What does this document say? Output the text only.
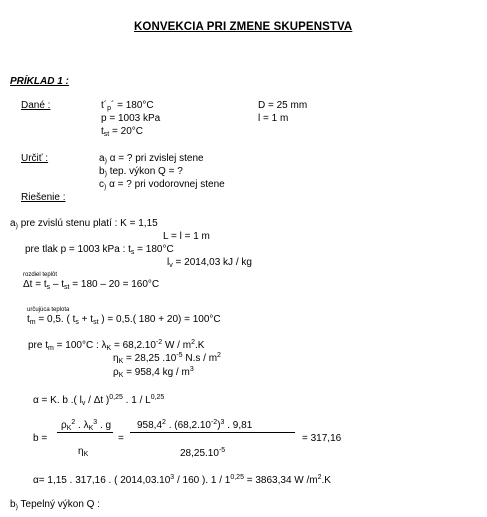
KONVEKCIA PRI ZMENE SKUPENSTVA
PRÍKLAD 1 :
Dané :	$t´_p´ = 180^\circ C$
p = 1003 kPa
$t_{st} = 20^\circ C$
D = 25 mm
l = 1 m
Určiť :	$a_)$ α = ? pri zvislej stene
$b_)$ tep. výkon Q = ?
$c_)$ α = ? pri vodorovnej stene
Riešenie :
$a_)$ pre zvislú stenu platí : K = 1,15
L = l = 1 m
pre tlak p = 1003 kPa : $t_s = 180^\circ C$
$l_v = 2014,03$ kJ / kg
rozdiel teplôt
$\Delta t = t_s - t_{st} = 180 - 20 = 160^\circ C$
určujúca teplota
$t_m = 0,5$. ( $t_s + t_{st}$ ) = 0,5.( 180 + 20) = 100°C
pre $t_m = 100^\circ C$ : $\lambda_K = 68,2.10^{-2}$ W / $m^2.K$
$\eta_K = 28,25$ $.10^{-5}$ $N.s / m^2$
$\rho_K = 958,4$ kg / $m^3$
α = K. b .( $l_v$ / Δt )$^{0,25}$ . 1 / L$^{0,25}$
b =
$\rho_K^2$ . $\lambda_K^3$ . g
$\eta_K$
=
$958,4^2$ . $(68,2.10^{-2})^3$ . 9,81
$28,25.10^{-5}$
= 317,16
α= 1,15 . 317,16 . ( 2014,03.10$^3$ / 160 ). $1 / 1^{0,25} = 3863,34$ W $/m^2.K$
$b_)$ Tepelný výkon Q :
